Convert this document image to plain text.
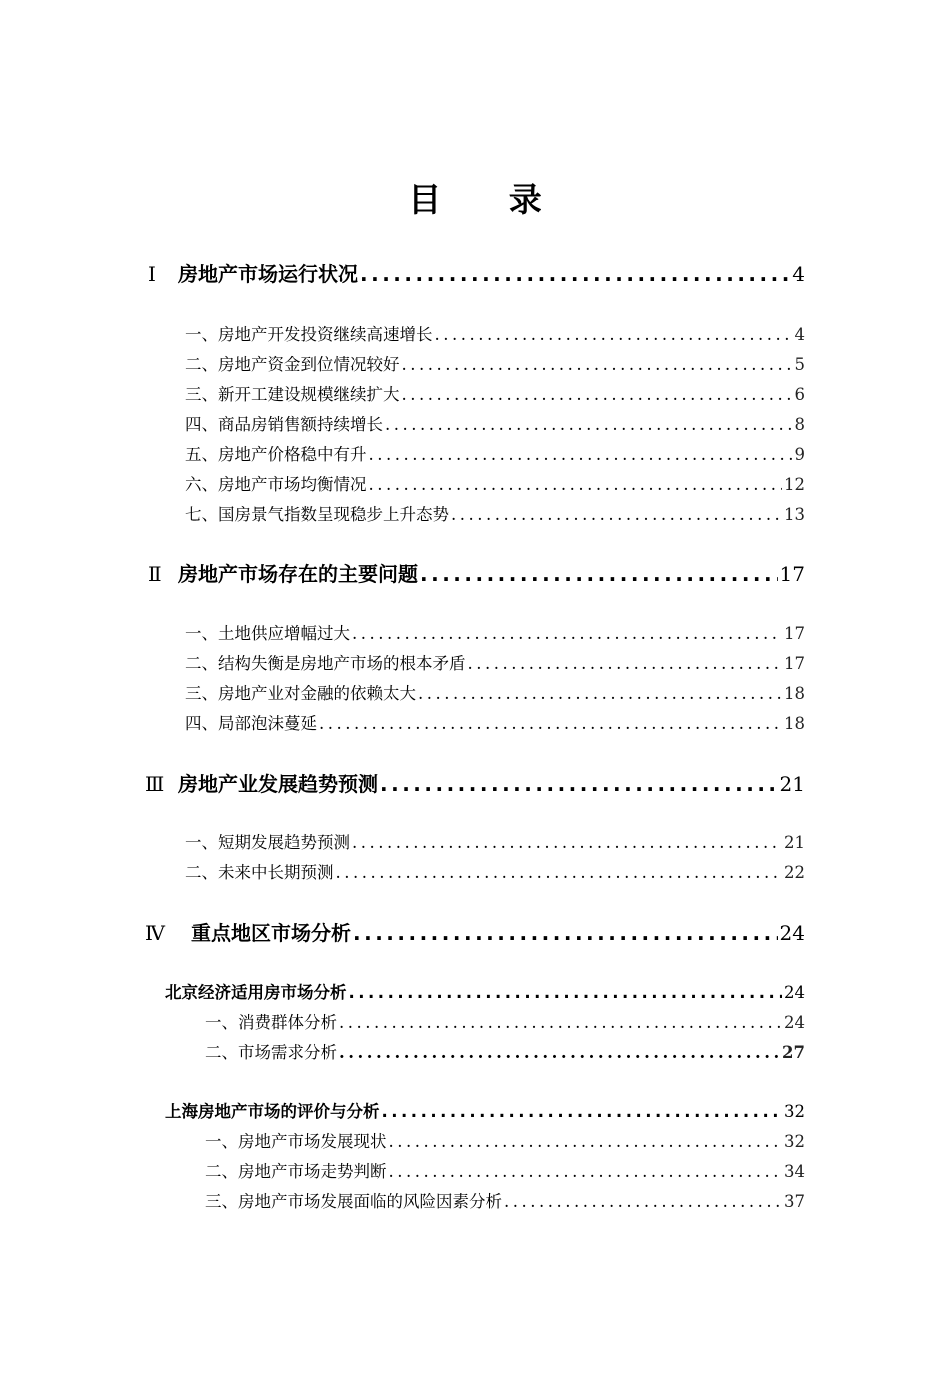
目 录
Ⅰ 房地产市场运行状况 .....	4
一、房地产开发投资继续高速增长 .....	4
二、房地产资金到位情况较好 .....	5
三、新开工建设规模继续扩大 .....	6
四、商品房销售额持续增长 .....	8
五、房地产价格稳中有升 .....	9
六、房地产市场均衡情况 .....	12
七、国房景气指数呈现稳步上升态势 .....	13
Ⅱ 房地产市场存在的主要问题 .....	17
一、土地供应增幅过大 .....	17
二、结构失衡是房地产市场的根本矛盾 .....	17
三、房地产业对金融的依赖太大 .....	18
四、局部泡沫蔓延 .....	18
Ⅲ 房地产业发展趋势预测 .....	21
一、短期发展趋势预测 .....	21
二、未来中长期预测 .....	22
Ⅳ 重点地区市场分析 .....	24
北京经济适用房市场分析 .....	24
一、消费群体分析 .....	24
二、市场需求分析 .....	27
上海房地产市场的评价与分析 .....	32
一、房地产市场发展现状 .....	32
二、房地产市场走势判断 .....	34
三、房地产市场发展面临的风险因素分析 .....	37
